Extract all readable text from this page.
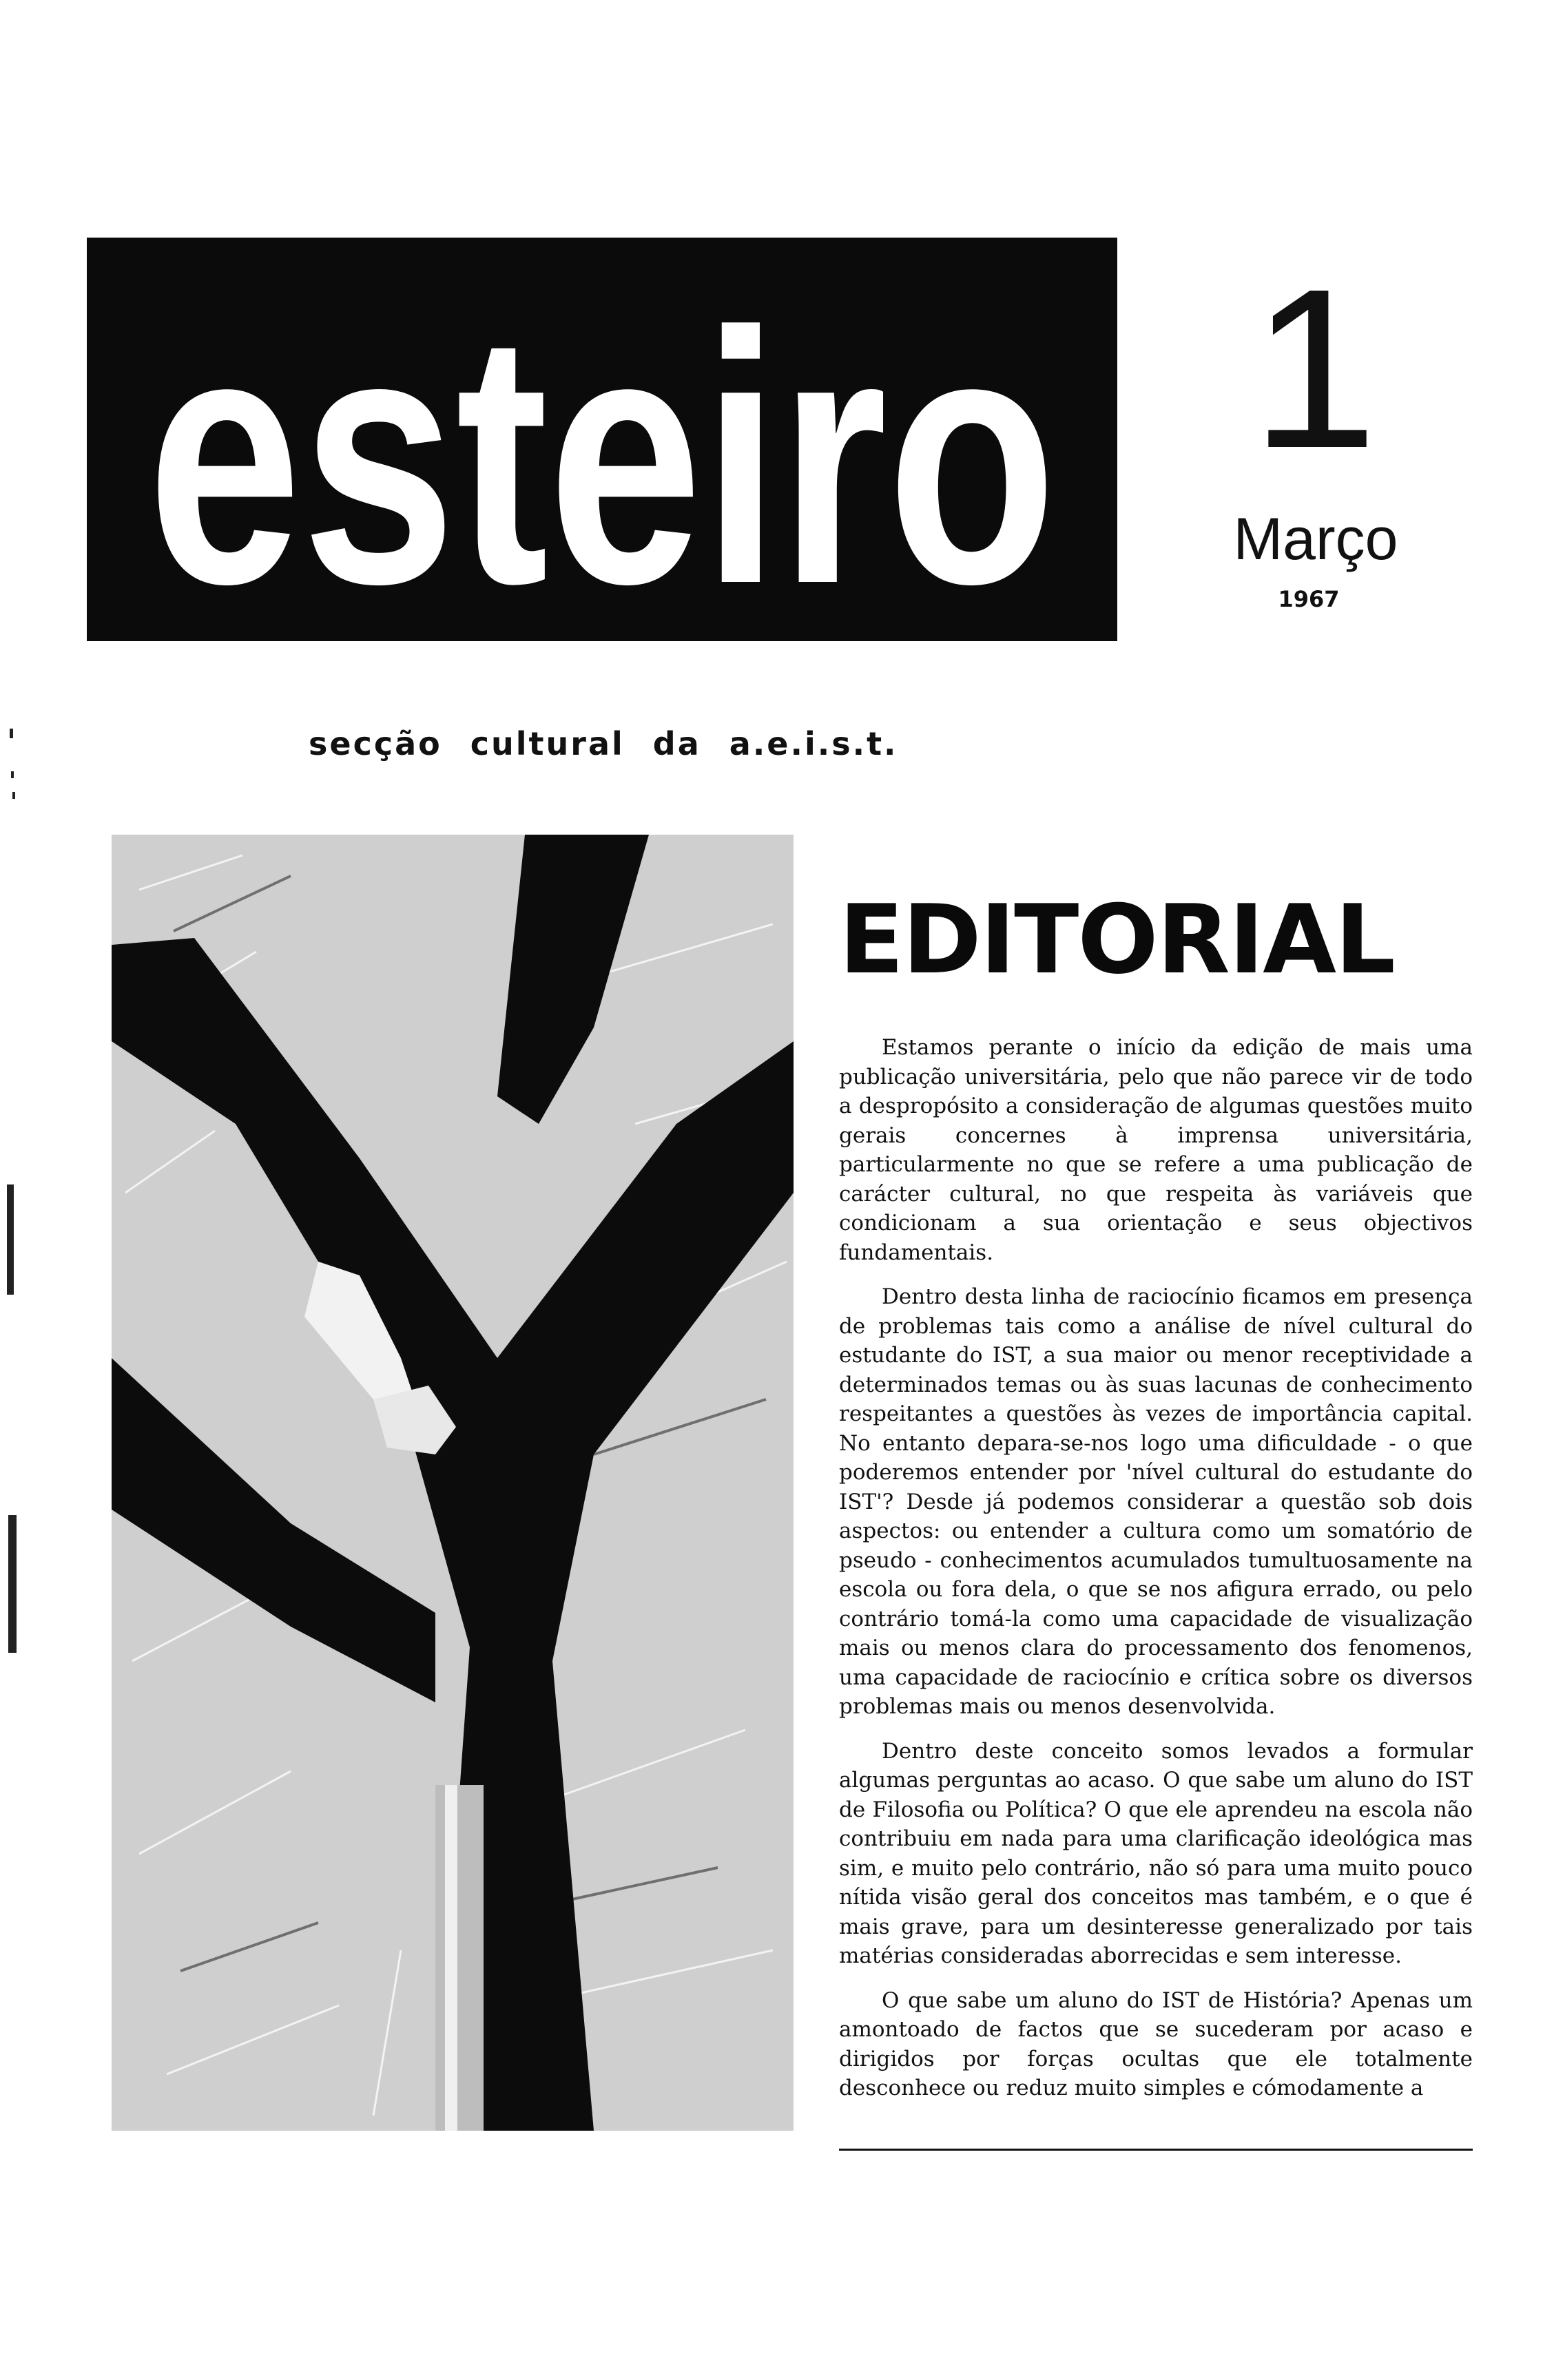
esteiro 1
Março
1967
secção cultural da a.e.i.s.t.
EDITORIAL

Estamos perante o início da edição de mais uma publicação universitária, pelo que não parece vir de todo a despropósito a consideração de algumas questões muito gerais concernes à imprensa universitária, particularmente no que se refere a uma publicação de carácter cultural, no que respeita às variáveis que condicionam a sua orientação e seus objectivos fundamentais.

Dentro desta linha de raciocínio ficamos em presença de problemas tais como a análise de nível cultural do estudante do IST, a sua maior ou menor receptividade a determinados temas ou às suas lacunas de conhecimento respeitantes a questões às vezes de importância capital. No entanto depara-se-nos logo uma dificuldade - o que poderemos entender por 'nível cultural do estudante do IST'? Desde já podemos considerar a questão sob dois aspectos: ou entender a cultura como um somatório de pseudo - conhecimentos acumulados tumultuosamente na escola ou fora dela, o que se nos afigura errado, ou pelo contrário tomá-la como uma capacidade de visualização mais ou menos clara do processamento dos fenomenos, uma capacidade de raciocínio e crítica sobre os diversos problemas mais ou menos desenvolvida.

Dentro deste conceito somos levados a formular algumas perguntas ao acaso. O que sabe um aluno do IST de Filosofia ou Política? O que ele aprendeu na escola não contribuiu em nada para uma clarificação ideológica mas sim, e muito pelo contrário, não só para uma muito pouco nítida visão geral dos conceitos mas também, e o que é mais grave, para um desinteresse generalizado por tais matérias consideradas aborrecidas e sem interesse.

O que sabe um aluno do IST de História? Apenas um amontoado de factos que se sucederam por acaso e dirigidos por forças ocultas que ele totalmente desconhece ou reduz muito simples e cómodamente a
